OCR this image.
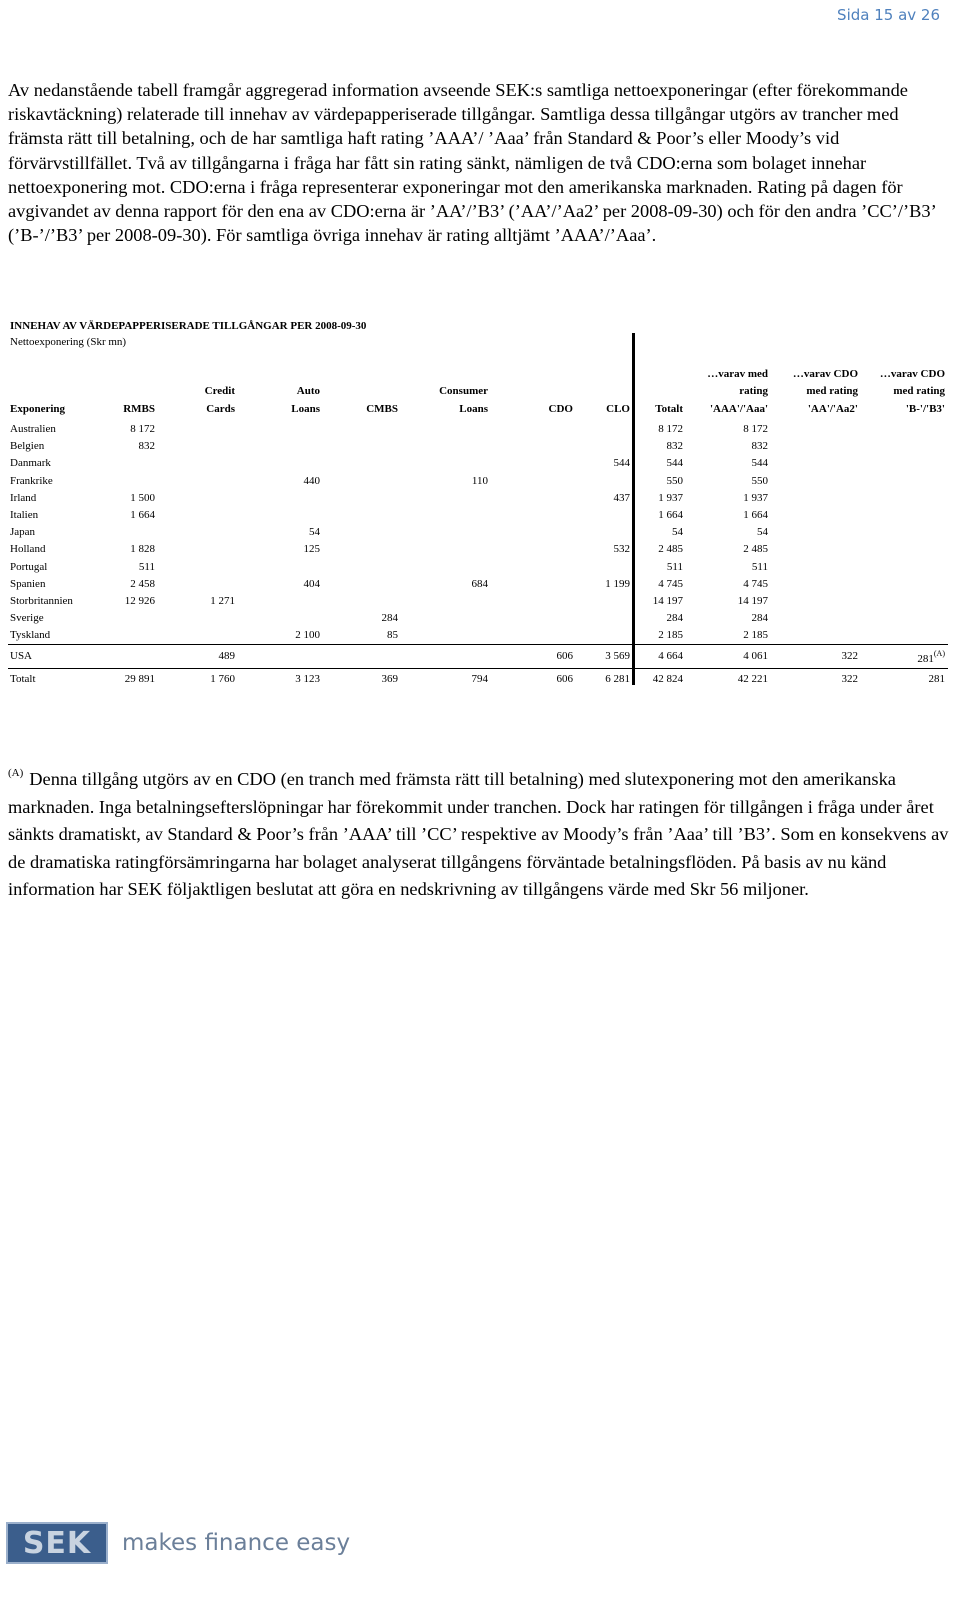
Sida 15 av 26

Av nedanstående tabell framgår aggregerad information avseende SEK:s samtliga nettoexponeringar (efter förekommande riskavtäckning) relaterade till innehav av värdepapperiserade tillgångar. Samtliga dessa tillgångar utgörs av trancher med främsta rätt till betalning, och de har samtliga haft rating ’AAA’/ ’Aaa’ från Standard & Poor’s eller Moody’s vid förvärvstillfället. Två av tillgångarna i fråga har fått sin rating sänkt, nämligen de två CDO:erna som bolaget innehar nettoexponering mot. CDO:erna i fråga representerar exponeringar mot den amerikanska marknaden. Rating på dagen för avgivandet av denna rapport för den ena av CDO:erna är ’AA’/’B3’ (’AA’/’Aa2’ per 2008-09-30) och för den andra ’CC’/’B3’ (’B-’/’B3’ per 2008-09-30). För samtliga övriga innehav är rating alltjämt ’AAA’/’Aaa’.

INNEHAV AV VÄRDEPAPPERISERADE TILLGÅNGAR PER 2008-09-30
Nettoexponering (Skr mn)
									…varav med	…varav CDO	…varav CDO
		Credit	Auto		Consumer				rating	med rating	med rating
Exponering	RMBS	Cards	Loans	CMBS	Loans	CDO	CLO	Totalt	'AAA'/'Aaa'	'AA'/'Aa2'	'B-'/'B3'
Australien	8 172							8 172	8 172		
Belgien	832							832	832		
Danmark							544	544	544		
Frankrike			440		110			550	550		
Irland	1 500						437	1 937	1 937		
Italien	1 664							1 664	1 664		
Japan			54					54	54		
Holland	1 828		125				532	2 485	2 485		
Portugal	511							511	511		
Spanien	2 458		404		684		1 199	4 745	4 745		
Storbritannien	12 926	1 271						14 197	14 197		
Sverige				284				284	284		
Tyskland			2 100	85				2 185	2 185		
USA		489				606	3 569	4 664	4 061	322	281$^{(A)}$
Totalt	29 891	1 760	3 123	369	794	606	6 281	42 824	42 221	322	281

$^{(A)}$ Denna tillgång utgörs av en CDO (en tranch med främsta rätt till betalning) med slutexponering mot den amerikanska marknaden. Inga betalningsefterslöpningar har förekommit under tranchen. Dock har ratingen för tillgången i fråga under året sänkts dramatiskt, av Standard & Poor’s från ’AAA’ till ’CC’ respektive av Moody’s från ’Aaa’ till ’B3’. Som en konsekvens av de dramatiska ratingförsämringarna har bolaget analyserat tillgångens förväntade betalningsflöden. På basis av nu känd information har SEK följaktligen beslutat att göra en nedskrivning av tillgångens värde med Skr 56 miljoner.

SEK makes finance easy
